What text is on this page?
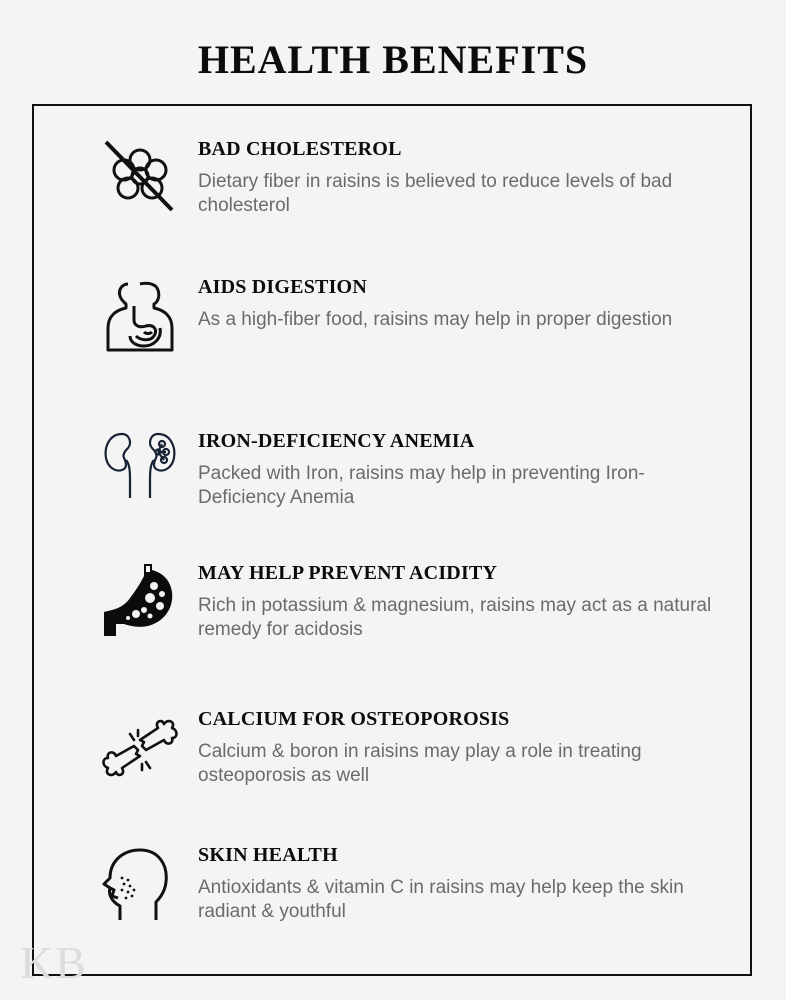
HEALTH BENEFITS
BAD CHOLESTEROL

Dietary fiber in raisins is believed to reduce levels of bad cholesterol

AIDS DIGESTION

As a high-fiber food, raisins may help in proper digestion

IRON-DEFICIENCY ANEMIA

Packed with Iron, raisins may help in preventing Iron-Deficiency Anemia

MAY HELP PREVENT ACIDITY

Rich in potassium & magnesium, raisins may act as a natural remedy for acidosis

CALCIUM FOR OSTEOPOROSIS

Calcium & boron in raisins may play a role in treating osteoporosis as well

SKIN HEALTH

Antioxidants & vitamin C in raisins may help keep the skin radiant & youthful

KB
